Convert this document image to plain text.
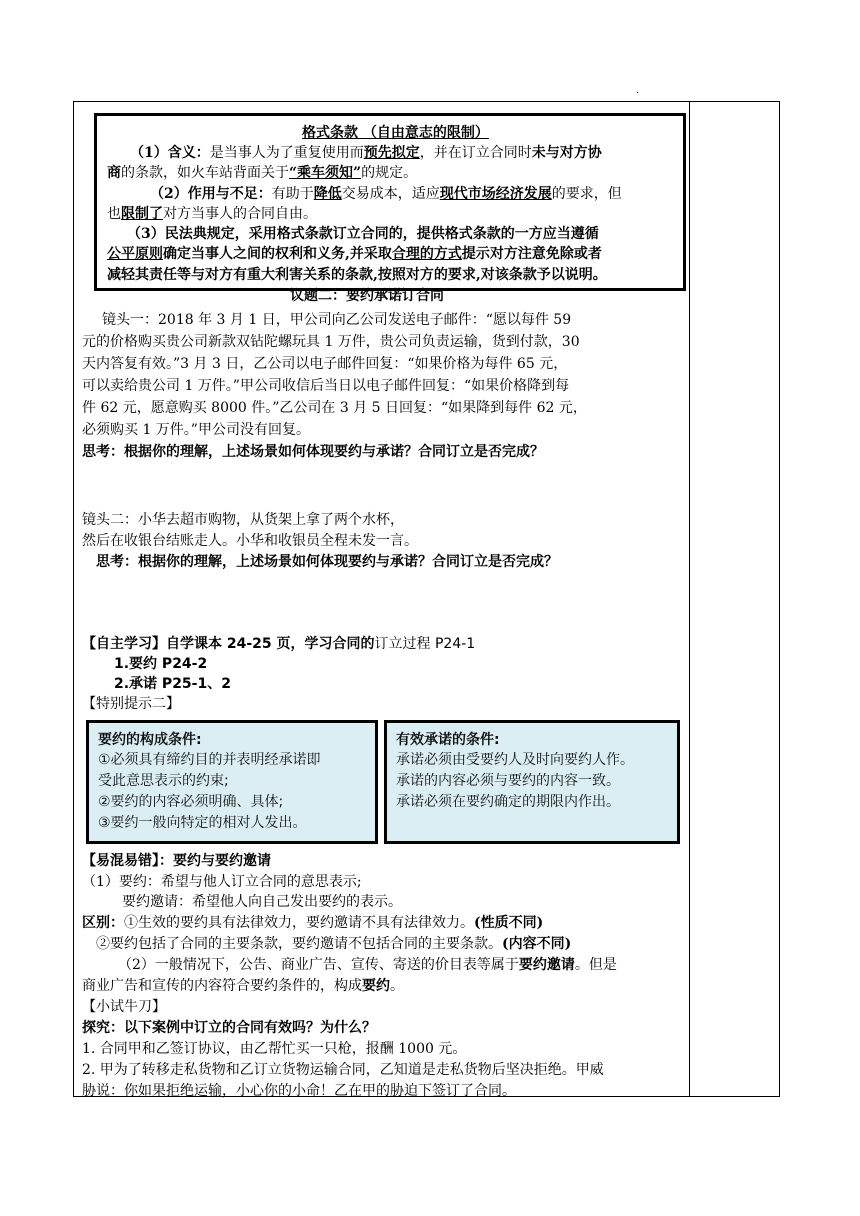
.
格式条款 （自由意志的限制）
（1）含义：是当事人为了重复使用而预先拟定，并在订立合同时未与对方协
商的条款，如火车站背面关于“乘车须知”的规定。
（2）作用与不足：有助于降低交易成本，适应现代市场经济发展的要求，但
也限制了对方当事人的合同自由。
（3）民法典规定，采用格式条款订立合同的，提供格式条款的一方应当遵循
公平原则确定当事人之间的权利和义务,并采取合理的方式提示对方注意免除或者
减轻其责任等与对方有重大利害关系的条款,按照对方的要求,对该条款予以说明。
议题二：要约承诺订合同
镜头一：2018 年 3 月 1 日，甲公司向乙公司发送电子邮件：“愿以每件 59
元的价格购买贵公司新款双钻陀螺玩具 1 万件，贵公司负责运输，货到付款，30
天内答复有效。”3 月 3 日，乙公司以电子邮件回复：“如果价格为每件 65 元，
可以卖给贵公司 1 万件。”甲公司收信后当日以电子邮件回复：“如果价格降到每
件 62 元，愿意购买 8000 件。”乙公司在 3 月 5 日回复：“如果降到每件 62 元，
必须购买 1 万件。”甲公司没有回复。
思考：根据你的理解，上述场景如何体现要约与承诺？合同订立是否完成？
镜头二：小华去超市购物，从货架上拿了两个水杯，
然后在收银台结账走人。小华和收银员全程未发一言。
思考：根据你的理解，上述场景如何体现要约与承诺？合同订立是否完成？
【自主学习】自学课本 24-25 页，学习合同的订立过程 P24-1
1.要约 P24-2
2.承诺 P25-1、2
【特别提示二】
要约的构成条件:
①必须具有缔约目的并表明经承诺即
受此意思表示的约束;
②要约的内容必须明确、具体;
③要约一般向特定的相对人发出。
有效承诺的条件:
承诺必须由受要约人及时向要约人作。
承诺的内容必须与要约的内容一致。
承诺必须在要约确定的期限内作出。
【易混易错】：要约与要约邀请
（1）要约：希望与他人订立合同的意思表示;
要约邀请：希望他人向自己发出要约的表示。
区别：①生效的要约具有法律效力，要约邀请不具有法律效力。(性质不同)
②要约包括了合同的主要条款，要约邀请不包括合同的主要条款。(内容不同)
（2）一般情况下，公告、商业广告、宣传、寄送的价目表等属于要约邀请。但是
商业广告和宣传的内容符合要约条件的，构成要约。
【小试牛刀】
探究：以下案例中订立的合同有效吗？为什么？
1. 合同甲和乙签订协议，由乙帮忙买一只枪，报酬 1000 元。
2. 甲为了转移走私货物和乙订立货物运输合同，乙知道是走私货物后坚决拒绝。甲威
胁说：你如果拒绝运输，小心你的小命！乙在甲的胁迫下签订了合同。
